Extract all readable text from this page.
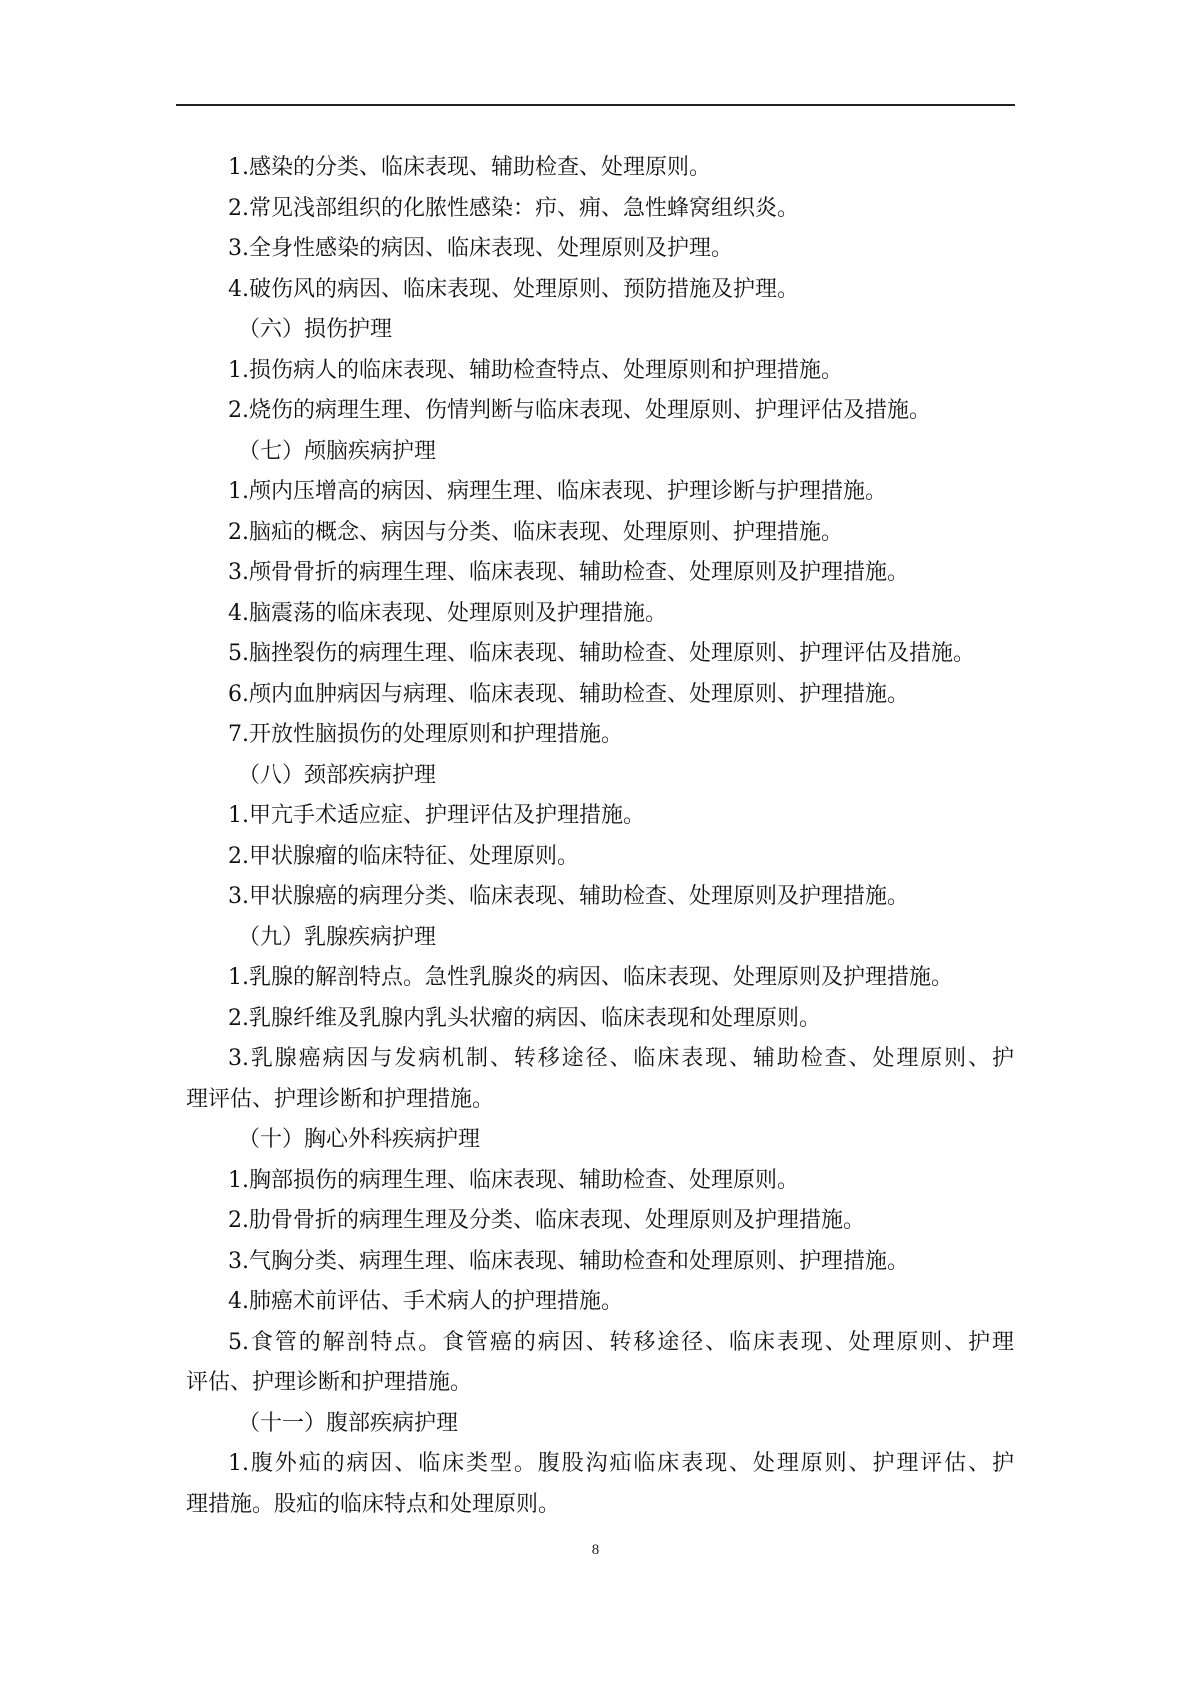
1.感染的分类、临床表现、辅助检查、处理原则。
2.常见浅部组织的化脓性感染：疖、痈、急性蜂窝组织炎。
3.全身性感染的病因、临床表现、处理原则及护理。
4.破伤风的病因、临床表现、处理原则、预防措施及护理。
（六）损伤护理
1.损伤病人的临床表现、辅助检查特点、处理原则和护理措施。
2.烧伤的病理生理、伤情判断与临床表现、处理原则、护理评估及措施。
（七）颅脑疾病护理
1.颅内压增高的病因、病理生理、临床表现、护理诊断与护理措施。
2.脑疝的概念、病因与分类、临床表现、处理原则、护理措施。
3.颅骨骨折的病理生理、临床表现、辅助检查、处理原则及护理措施。
4.脑震荡的临床表现、处理原则及护理措施。
5.脑挫裂伤的病理生理、临床表现、辅助检查、处理原则、护理评估及措施。
6.颅内血肿病因与病理、临床表现、辅助检查、处理原则、护理措施。
7.开放性脑损伤的处理原则和护理措施。
（八）颈部疾病护理
1.甲亢手术适应症、护理评估及护理措施。
2.甲状腺瘤的临床特征、处理原则。
3.甲状腺癌的病理分类、临床表现、辅助检查、处理原则及护理措施。
（九）乳腺疾病护理
1.乳腺的解剖特点。急性乳腺炎的病因、临床表现、处理原则及护理措施。
2.乳腺纤维及乳腺内乳头状瘤的病因、临床表现和处理原则。
3.乳腺癌病因与发病机制、转移途径、临床表现、辅助检查、处理原则、护
理评估、护理诊断和护理措施。
（十）胸心外科疾病护理
1.胸部损伤的病理生理、临床表现、辅助检查、处理原则。
2.肋骨骨折的病理生理及分类、临床表现、处理原则及护理措施。
3.气胸分类、病理生理、临床表现、辅助检查和处理原则、护理措施。
4.肺癌术前评估、手术病人的护理措施。
5.食管的解剖特点。食管癌的病因、转移途径、临床表现、处理原则、护理
评估、护理诊断和护理措施。
（十一）腹部疾病护理
1.腹外疝的病因、临床类型。腹股沟疝临床表现、处理原则、护理评估、护
理措施。股疝的临床特点和处理原则。
8
